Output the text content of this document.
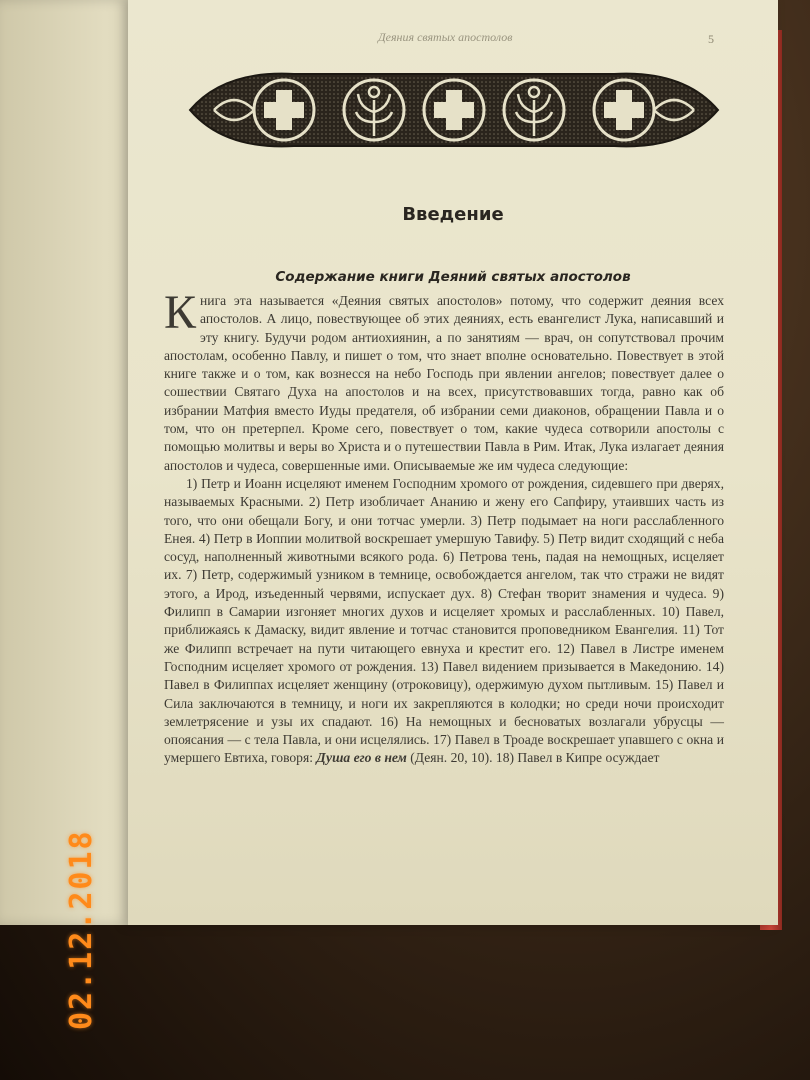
Деяния святых апостолов	5
Введение
Содержание книги Деяний святых апостолов

Книга эта называется «Деяния святых апостолов» потому, что содержит деяния всех апостолов. А лицо, повествующее об этих деяниях, есть евангелист Лука, написавший и эту книгу. Будучи родом антиохиянин, а по занятиям — врач, он сопутствовал прочим апостолам, особенно Павлу, и пишет о том, что знает вполне основательно. Повествует в этой книге также и о том, как вознесся на небо Господь при явлении ангелов; повествует далее о сошествии Святаго Духа на апостолов и на всех, присутствовавших тогда, равно как об избрании Матфия вместо Иуды предателя, об избрании семи диаконов, обращении Павла и о том, что он претерпел. Кроме сего, повествует о том, какие чудеса сотворили апостолы с помощью молитвы и веры во Христа и о путешествии Павла в Рим. Итак, Лука излагает деяния апостолов и чудеса, совершенные ими. Описываемые же им чудеса следующие:

1) Петр и Иоанн исцеляют именем Господним хромого от рождения, сидевшего при дверях, называемых Красными. 2) Петр изобличает Ананию и жену его Сапфиру, утаивших часть из того, что они обещали Богу, и они тотчас умерли. 3) Петр подымает на ноги расслабленного Енея. 4) Петр в Иоппии молитвой воскрешает умершую Тавифу. 5) Петр видит сходящий с неба сосуд, наполненный животными всякого рода. 6) Петрова тень, падая на немощных, исцеляет их. 7) Петр, содержимый узником в темнице, освобождается ангелом, так что стражи не видят этого, а Ирод, изъеденный червями, испускает дух. 8) Стефан творит знамения и чудеса. 9) Филипп в Самарии изгоняет многих духов и исцеляет хромых и расслабленных. 10) Павел, приближаясь к Дамаску, видит явление и тотчас становится проповедником Евангелия. 11) Тот же Филипп встречает на пути читающего евнуха и крестит его. 12) Павел в Листре именем Господним исцеляет хромого от рождения. 13) Павел видением призывается в Македонию. 14) Павел в Филиппах исцеляет женщину (отроковицу), одержимую духом пытливым. 15) Павел и Сила заключаются в темницу, и ноги их закрепляются в колодки; но среди ночи происходит землетрясение и узы их спадают. 16) На немощных и бесноватых возлагали убрусцы — опоясания — с тела Павла, и они исцелялись. 17) Павел в Троаде воскрешает упавшего с окна и умершего Евтиха, говоря: Душа его в нем (Деян. 20, 10). 18) Павел в Кипре осуждает

02.12.2018
